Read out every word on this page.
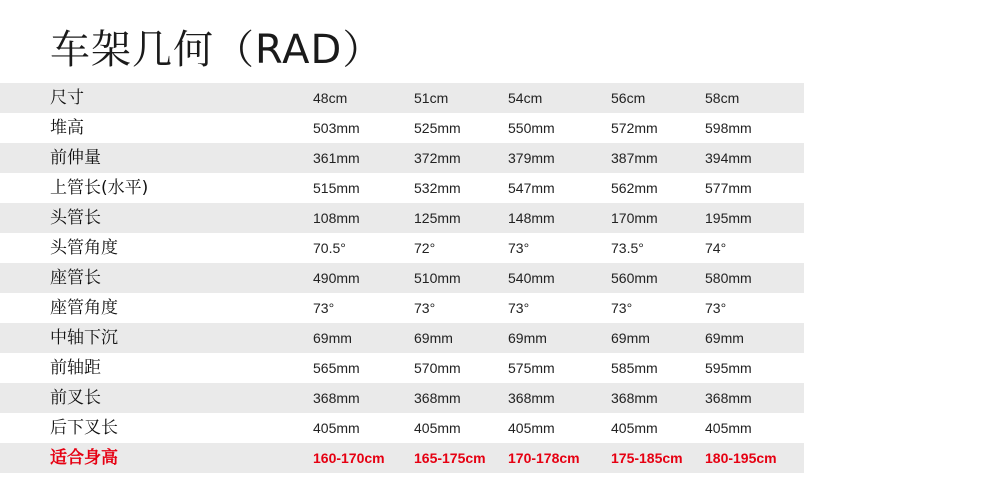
车架几何（RAD）
尺寸	48cm	51cm	54cm	56cm	58cm
堆高	503mm	525mm	550mm	572mm	598mm
前伸量	361mm	372mm	379mm	387mm	394mm
上管长(水平)	515mm	532mm	547mm	562mm	577mm
头管长	108mm	125mm	148mm	170mm	195mm
头管角度	70.5°	72°	73°	73.5°	74°
座管长	490mm	510mm	540mm	560mm	580mm
座管角度	73°	73°	73°	73°	73°
中轴下沉	69mm	69mm	69mm	69mm	69mm
前轴距	565mm	570mm	575mm	585mm	595mm
前叉长	368mm	368mm	368mm	368mm	368mm
后下叉长	405mm	405mm	405mm	405mm	405mm
适合身高	160-170cm 165-175cm 170-178cm 175-185cm 180-195cm
